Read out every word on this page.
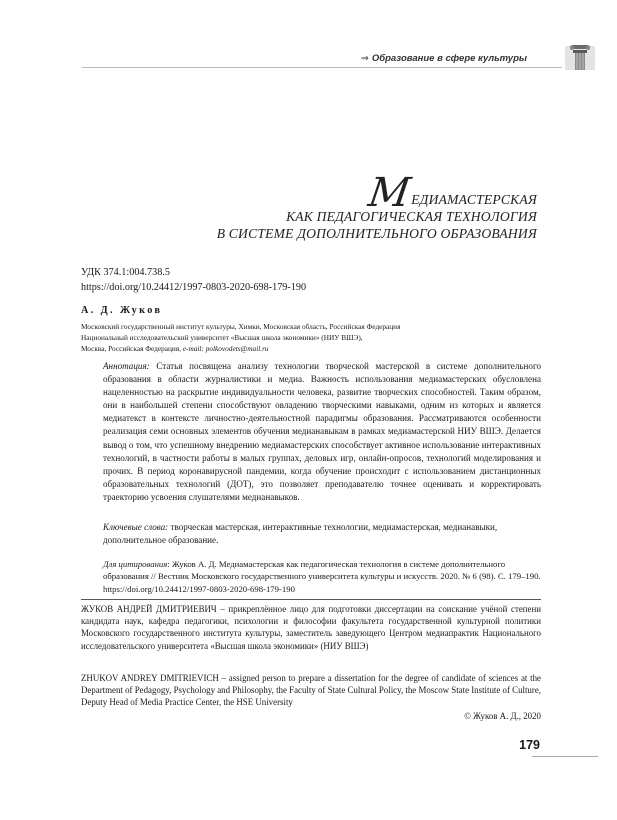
⇒ Образование в сфере культуры
М
ЕДИАМАСТЕРСКАЯ
КАК ПЕДАГОГИЧЕСКАЯ ТЕХНОЛОГИЯ
В СИСТЕМЕ ДОПОЛНИТЕЛЬНОГО ОБРАЗОВАНИЯ
УДК 374.1:004.738.5
https://doi.org/10.24412/1997-0803-2020-698-179-190
А. Д. Жуков
Московский государственный институт культуры, Химки, Московская область, Российская Федерация
Национальный исследовательский университет «Высшая школа экономики» (НИУ ВШЭ),
Москва, Российская Федерация, e-mail: polkovodets@mail.ru
Аннотация: Статья посвящена анализу технологии творческой мастерской в системе дополнительного образования в области журналистики и медиа. Важность использования медиамастерских обусловлена нацеленностью на раскрытие индивидуальности человека, развитие творческих способностей. Таким образом, они в наибольшей степени способствуют овладению творческими навыками, одним из которых и является медиатекст в контексте личностно-деятельностной парадигмы образования. Рассматриваются особенности реализация семи основных элементов обучения медианавыкам в рамках медиамастерской НИУ ВШЭ. Делается вывод о том, что успешному внедрению медиамастерских способствует активное использование интерактивных технологий, в частности работы в малых группах, деловых игр, онлайн-опросов, технологий моделирования и прочих. В период коронавирусной пандемии, когда обучение происходит с использованием дистанционных образовательных технологий (ДОТ), это позволяет преподавателю точнее оценивать и корректировать траекторию усвоения слушателями медианавыков.
Ключевые слова: творческая мастерская, интерактивные технологии, медиамастерская, медианавыки, дополнительное образование.
Для цитирования: Жуков А. Д. Медиамастерская как педагогическая технология в системе дополнительного образования // Вестник Московского государственного университета культуры и искусств. 2020. № 6 (98). С. 179–190. https://doi.org/10.24412/1997-0803-2020-698-179-190
ЖУКОВ АНДРЕЙ ДМИТРИЕВИЧ – прикреплённое лицо для подготовки диссертации на соискание учёной степени кандидата наук, кафедра педагогики, психологии и философии факультета государственной культурной политики Московского государственного института культуры, заместитель заведующего Центром медиапрактик Национального исследовательского университета «Высшая школа экономики» (НИУ ВШЭ)
ZHUKOV ANDREY DMITRIEVICH – assigned person to prepare a dissertation for the degree of candidate of sciences at the Department of Pedagogy, Psychology and Philosophy, the Faculty of State Cultural Policy, the Moscow State Institute of Culture, Deputy Head of Media Practice Center, the HSE University
© Жуков А. Д., 2020
179
